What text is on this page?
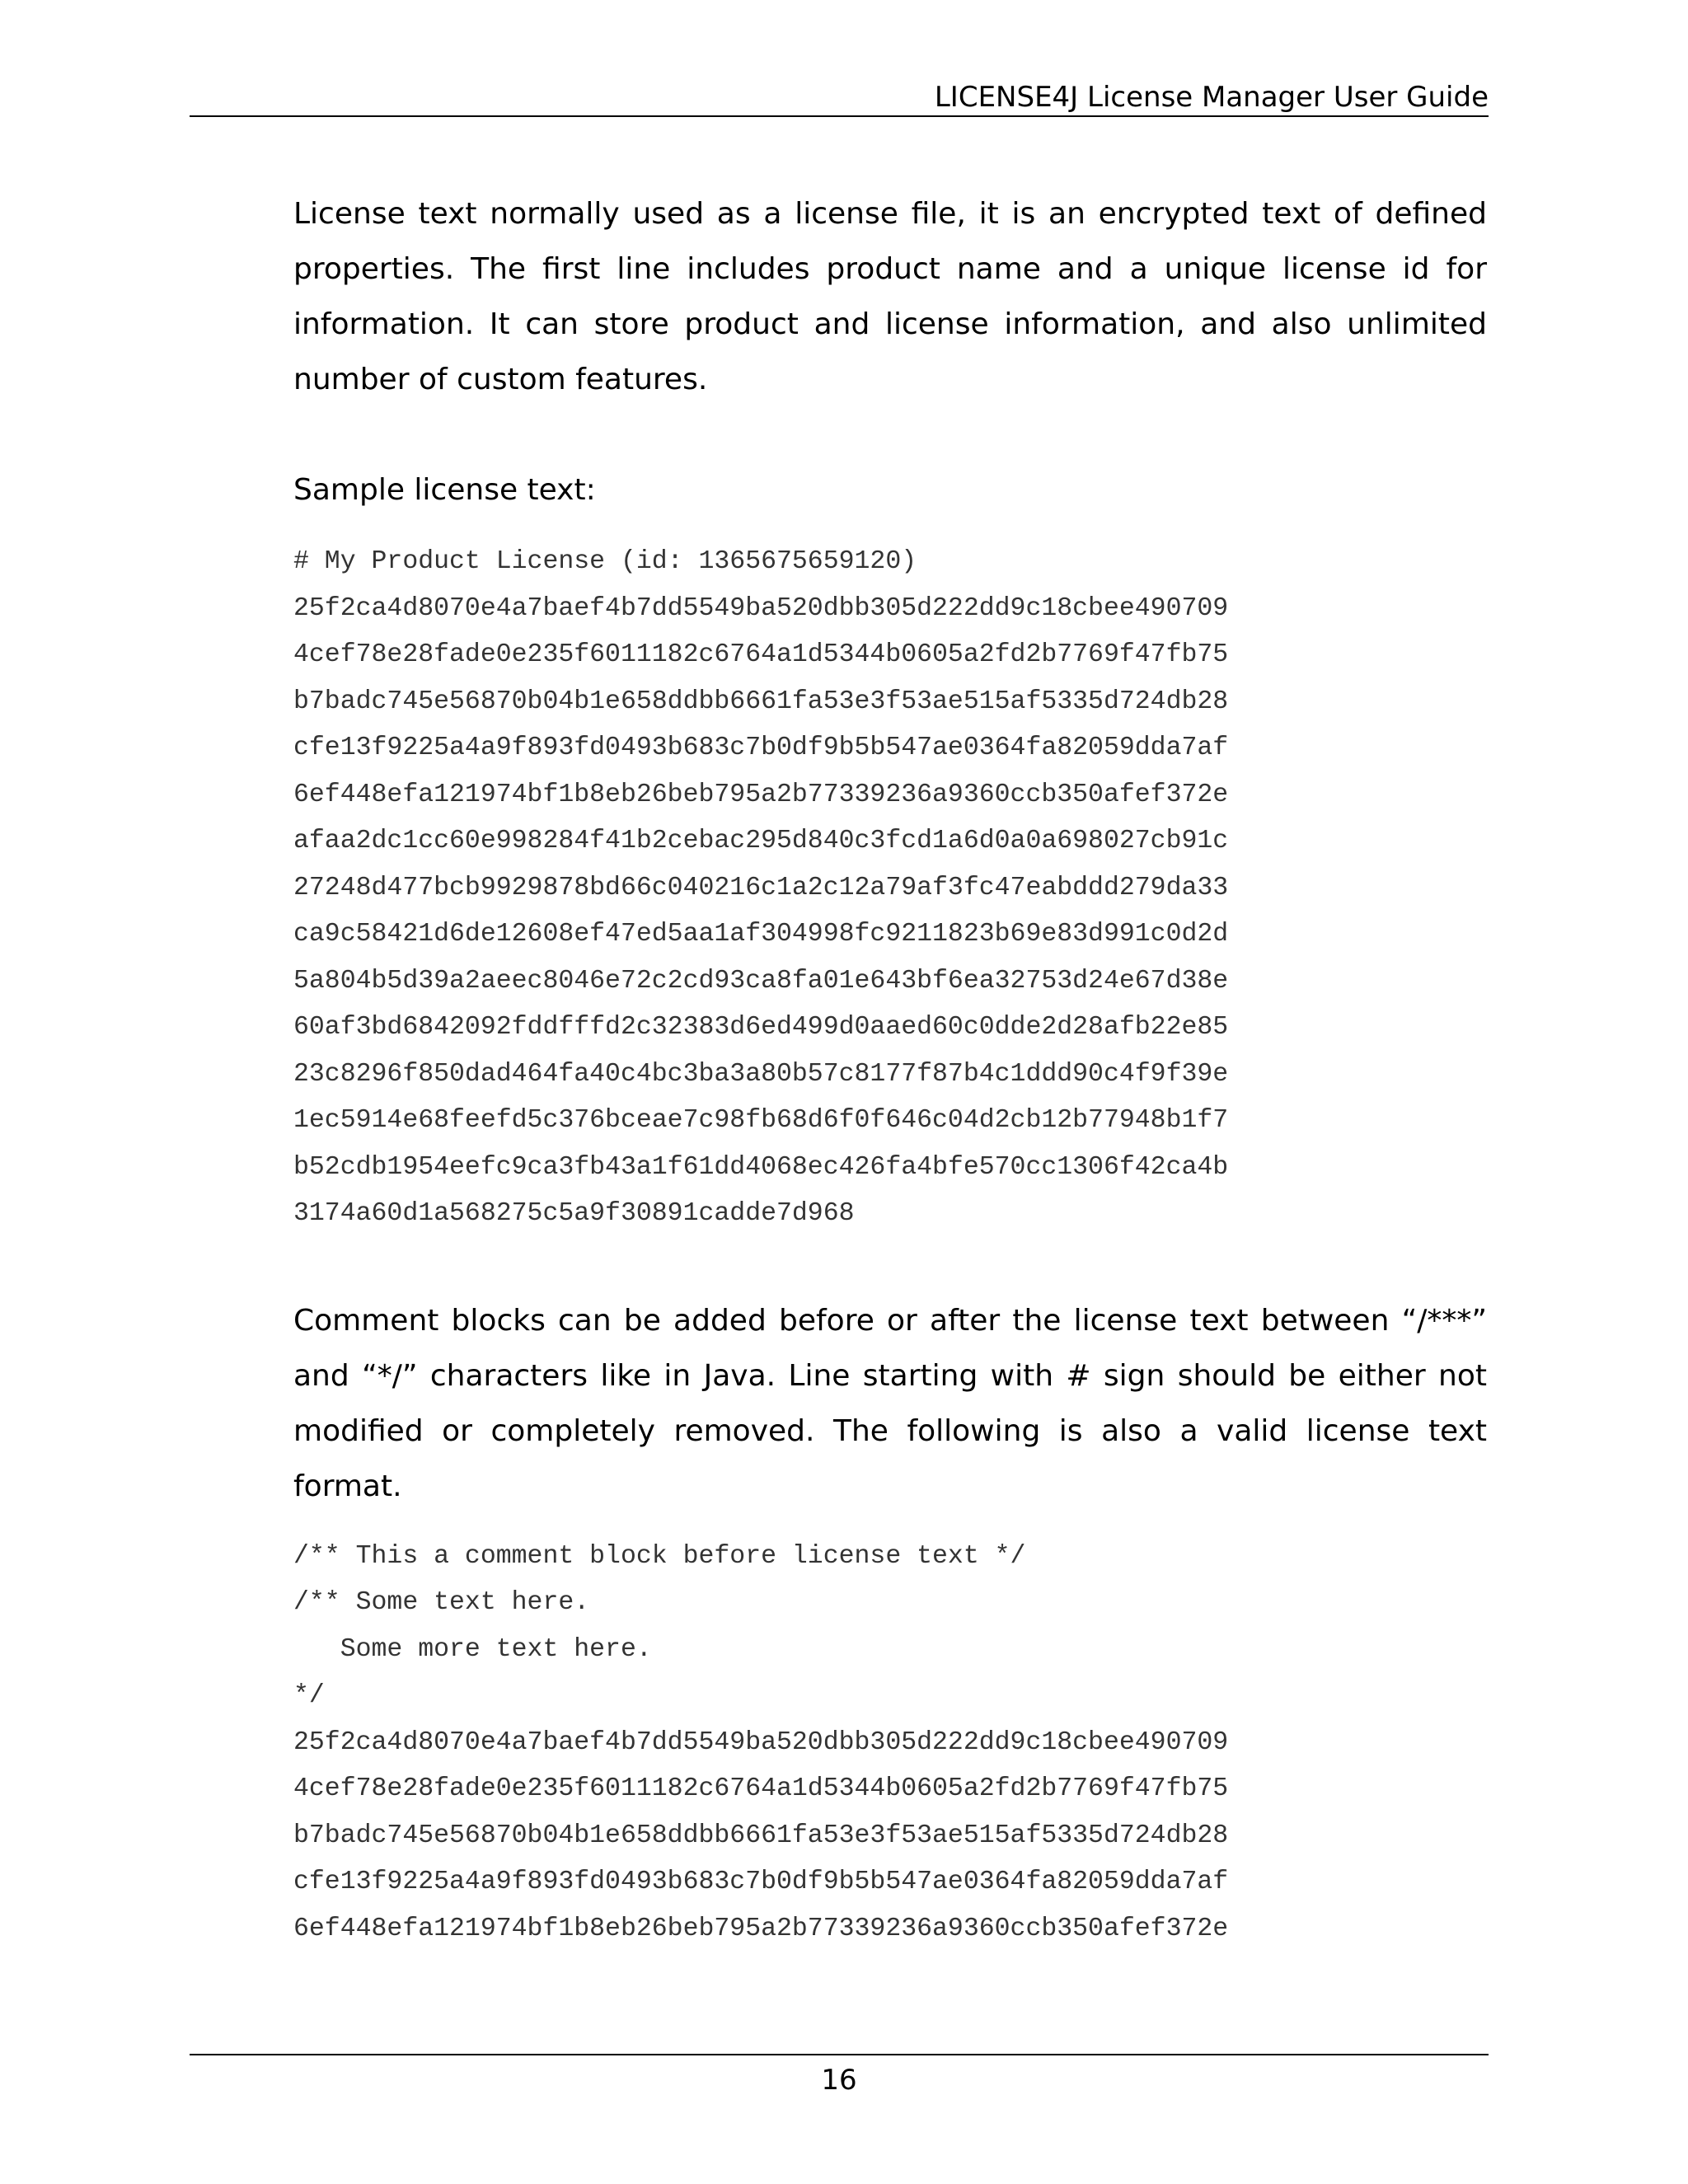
LICENSE4J License Manager User Guide

License text normally used as a license file, it is an encrypted text of defined properties. The first line includes product name and a unique license id for information. It can store product and license information, and also unlimited number of custom features.

Sample license text:

# My Product License (id: 1365675659120)
25f2ca4d8070e4a7baef4b7dd5549ba520dbb305d222dd9c18cbee490709
4cef78e28fade0e235f6011182c6764a1d5344b0605a2fd2b7769f47fb75
b7badc745e56870b04b1e658ddbb6661fa53e3f53ae515af5335d724db28
cfe13f9225a4a9f893fd0493b683c7b0df9b5b547ae0364fa82059dda7af
6ef448efa121974bf1b8eb26beb795a2b77339236a9360ccb350afef372e
afaa2dc1cc60e998284f41b2cebac295d840c3fcd1a6d0a0a698027cb91c
27248d477bcb9929878bd66c040216c1a2c12a79af3fc47eabddd279da33
ca9c58421d6de12608ef47ed5aa1af304998fc9211823b69e83d991c0d2d
5a804b5d39a2aeec8046e72c2cd93ca8fa01e643bf6ea32753d24e67d38e
60af3bd6842092fddfffd2c32383d6ed499d0aaed60c0dde2d28afb22e85
23c8296f850dad464fa40c4bc3ba3a80b57c8177f87b4c1ddd90c4f9f39e
1ec5914e68feefd5c376bceae7c98fb68d6f0f646c04d2cb12b77948b1f7
b52cdb1954eefc9ca3fb43a1f61dd4068ec426fa4bfe570cc1306f42ca4b
3174a60d1a568275c5a9f30891cadde7d968

Comment blocks can be added before or after the license text between “/***” and “*/” characters like in Java. Line starting with # sign should be either not modified or completely removed. The following is also a valid license text format.

/** This a comment block before license text */
/** Some text here.
Some more text here.
*/
25f2ca4d8070e4a7baef4b7dd5549ba520dbb305d222dd9c18cbee490709
4cef78e28fade0e235f6011182c6764a1d5344b0605a2fd2b7769f47fb75
b7badc745e56870b04b1e658ddbb6661fa53e3f53ae515af5335d724db28
cfe13f9225a4a9f893fd0493b683c7b0df9b5b547ae0364fa82059dda7af
6ef448efa121974bf1b8eb26beb795a2b77339236a9360ccb350afef372e
16
